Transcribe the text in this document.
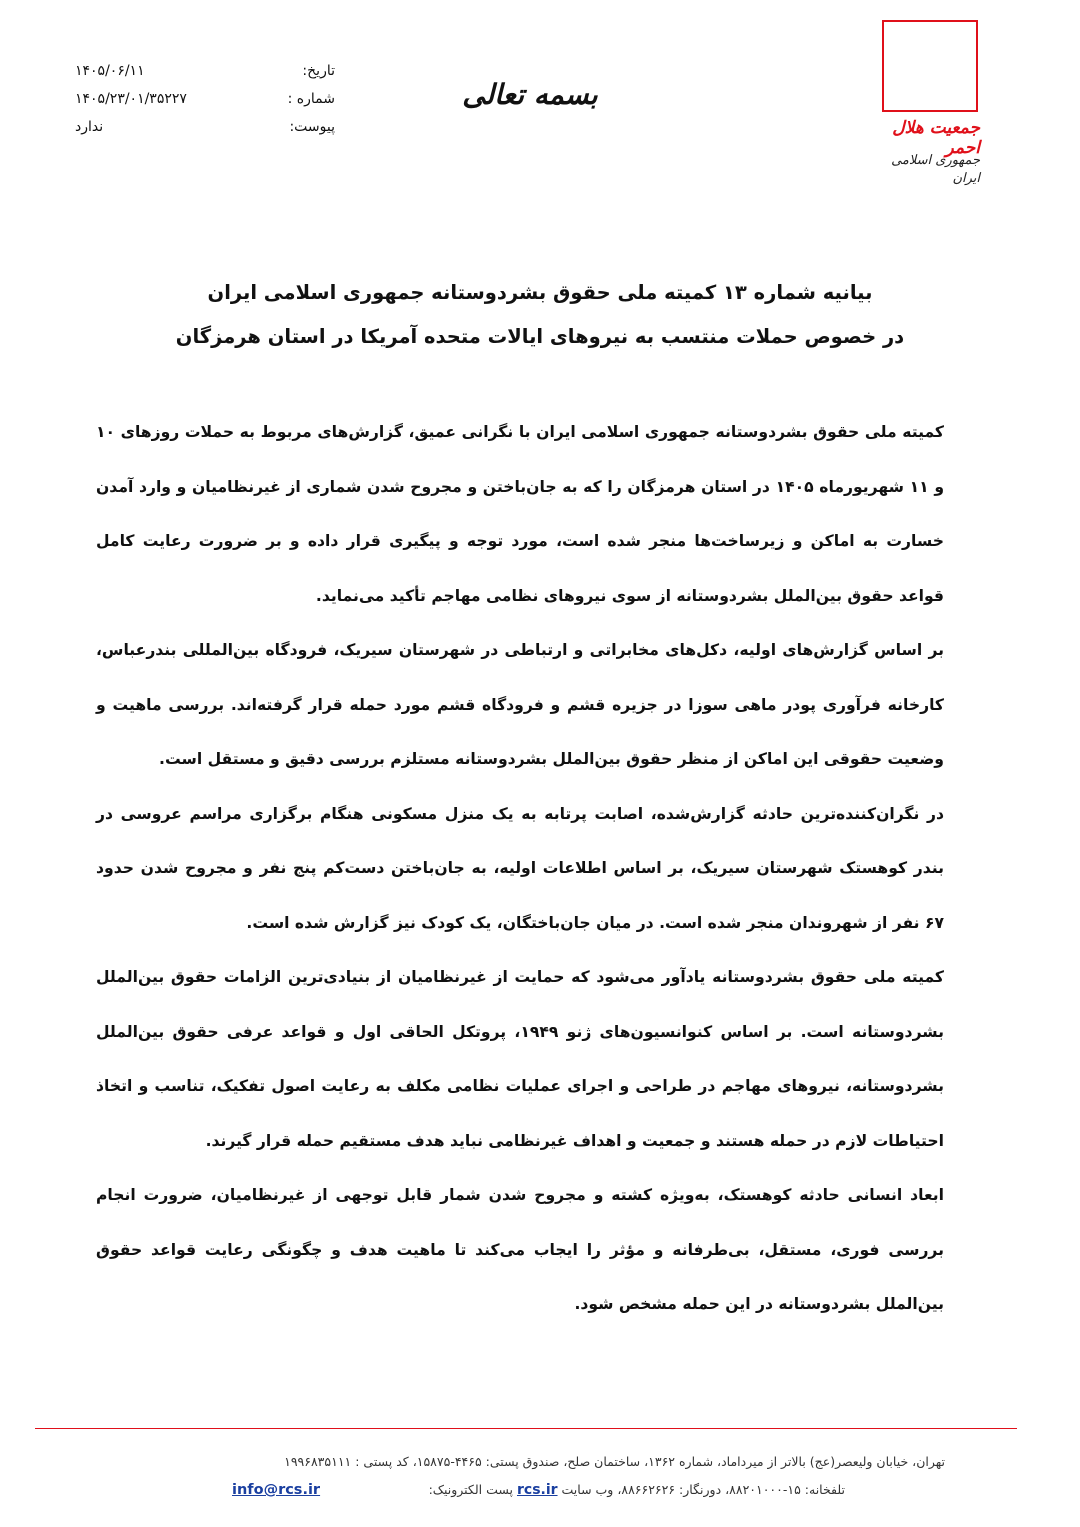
جمعیت هلال احمر
جمهوری اسلامی ایران
بسمه تعالی
تاریخ:
۱۴۰۵/۰۶/۱۱
شماره :
۱۴۰۵/۲۳/۰۱/۳۵۲۲۷
پیوست:
ندارد
بیانیه شماره ۱۳ کمیته ملی حقوق بشردوستانه جمهوری اسلامی ایران
در خصوص حملات منتسب به نیروهای ایالات متحده آمریکا در استان هرمزگان

کمیته ملی حقوق بشردوستانه جمهوری اسلامی ایران با نگرانی عمیق، گزارش‌های مربوط به حملات روزهای ۱۰ و ۱۱ شهریورماه ۱۴۰۵ در استان هرمزگان را که به جان‌باختن و مجروح شدن شماری از غیرنظامیان و وارد آمدن خسارت به اماکن و زیرساخت‌ها منجر شده است، مورد توجه و پیگیری قرار داده و بر ضرورت رعایت کامل قواعد حقوق بین‌الملل بشردوستانه از سوی نیروهای نظامی مهاجم تأکید می‌نماید.

بر اساس گزارش‌های اولیه، دکل‌های مخابراتی و ارتباطی در شهرستان سیریک، فرودگاه بین‌المللی بندرعباس، کارخانه فرآوری پودر ماهی سوزا در جزیره قشم و فرودگاه قشم مورد حمله قرار گرفته‌اند. بررسی ماهیت و وضعیت حقوقی این اماکن از منظر حقوق بین‌الملل بشردوستانه مستلزم بررسی دقیق و مستقل است.

در نگران‌کننده‌ترین حادثه گزارش‌شده، اصابت پرتابه به یک منزل مسکونی هنگام برگزاری مراسم عروسی در بندر کوهستک شهرستان سیریک، بر اساس اطلاعات اولیه، به جان‌باختن دست‌کم پنج نفر و مجروح شدن حدود ۶۷ نفر از شهروندان منجر شده است. در میان جان‌باختگان، یک کودک نیز گزارش شده است.

کمیته ملی حقوق بشردوستانه یادآور می‌شود که حمایت از غیرنظامیان از بنیادی‌ترین الزامات حقوق بین‌الملل بشردوستانه است. بر اساس کنوانسیون‌های ژنو ۱۹۴۹، پروتکل الحاقی اول و قواعد عرفی حقوق بین‌الملل بشردوستانه، نیروهای مهاجم در طراحی و اجرای عملیات نظامی مکلف به رعایت اصول تفکیک، تناسب و اتخاذ احتیاطات لازم در حمله هستند و جمعیت و اهداف غیرنظامی نباید هدف مستقیم حمله قرار گیرند.

ابعاد انسانی حادثه کوهستک، به‌ویژه کشته و مجروح شدن شمار قابل توجهی از غیرنظامیان، ضرورت انجام بررسی فوری، مستقل، بی‌طرفانه و مؤثر را ایجاب می‌کند تا ماهیت هدف و چگونگی رعایت قواعد حقوق بین‌الملل بشردوستانه در این حمله مشخص شود.

تهران، خیابان ولیعصر(عج) بالاتر از میرداماد، شماره ۱۳۶۲، ساختمان صلح، صندوق پستی: ۴۴۶۵-۱۵۸۷۵، کد پستی : ۱۹۹۶۸۳۵۱۱۱
تلفخانه: ۱۵-۸۸۲۰۱۰۰۰، دورنگار: ۸۸۶۶۲۶۲۶، وب سایت rcs.ir پست الکترونیک:
info@rcs.ir
